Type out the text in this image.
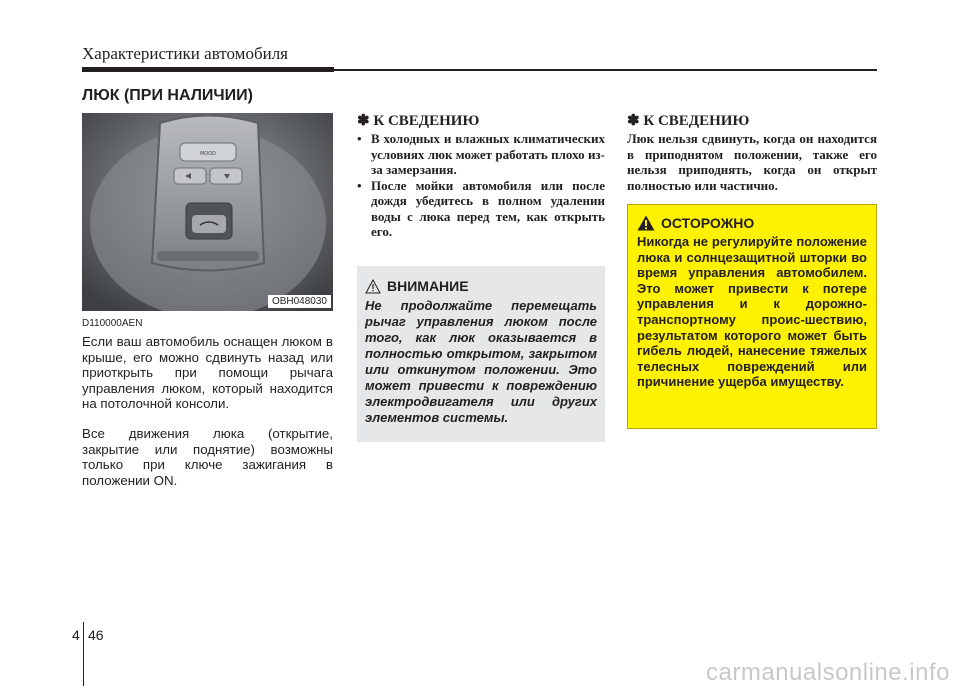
Характеристики автомобиля
ЛЮК (ПРИ НАЛИЧИИ)
MOOD
OBH048030
D110000AEN

Если ваш автомобиль оснащен люком в крыше, его можно сдвинуть назад или приоткрыть при помощи рычага управления люком, который находится на потолочной консоли.

Все движения люка (открытие, закрытие или поднятие) возможны только при ключе зажигания в положении ON.

✽ К СВЕДЕНИЮ
• В холодных и влажных климатических условиях люк может работать плохо из-за замерзания.
• После мойки автомобиля или после дождя убедитесь в полном удалении воды с люка перед тем, как открыть его.
ВНИМАНИЕ

Не продолжайте перемещать рычаг управления люком после того, как люк оказывается в полностью открытом, закрытом или откинутом положении. Это может привести к повреждению электродвигателя или других элементов системы.

✽ К СВЕДЕНИЮ

Люк нельзя сдвинуть, когда он находится в приподнятом положении, также его нельзя приподнять, когда он открыт полностью или частично.

ОСТОРОЖНО

Никогда не регулируйте положение люка и солнцезащитной шторки во время управления автомобилем. Это может привести к потере управления и к дорожно-транспортному проис-шествию, результатом которого может быть гибель людей, нанесение тяжелых телесных повреждений или причинение ущерба имуществу.

4 46
carmanualsonline.info
